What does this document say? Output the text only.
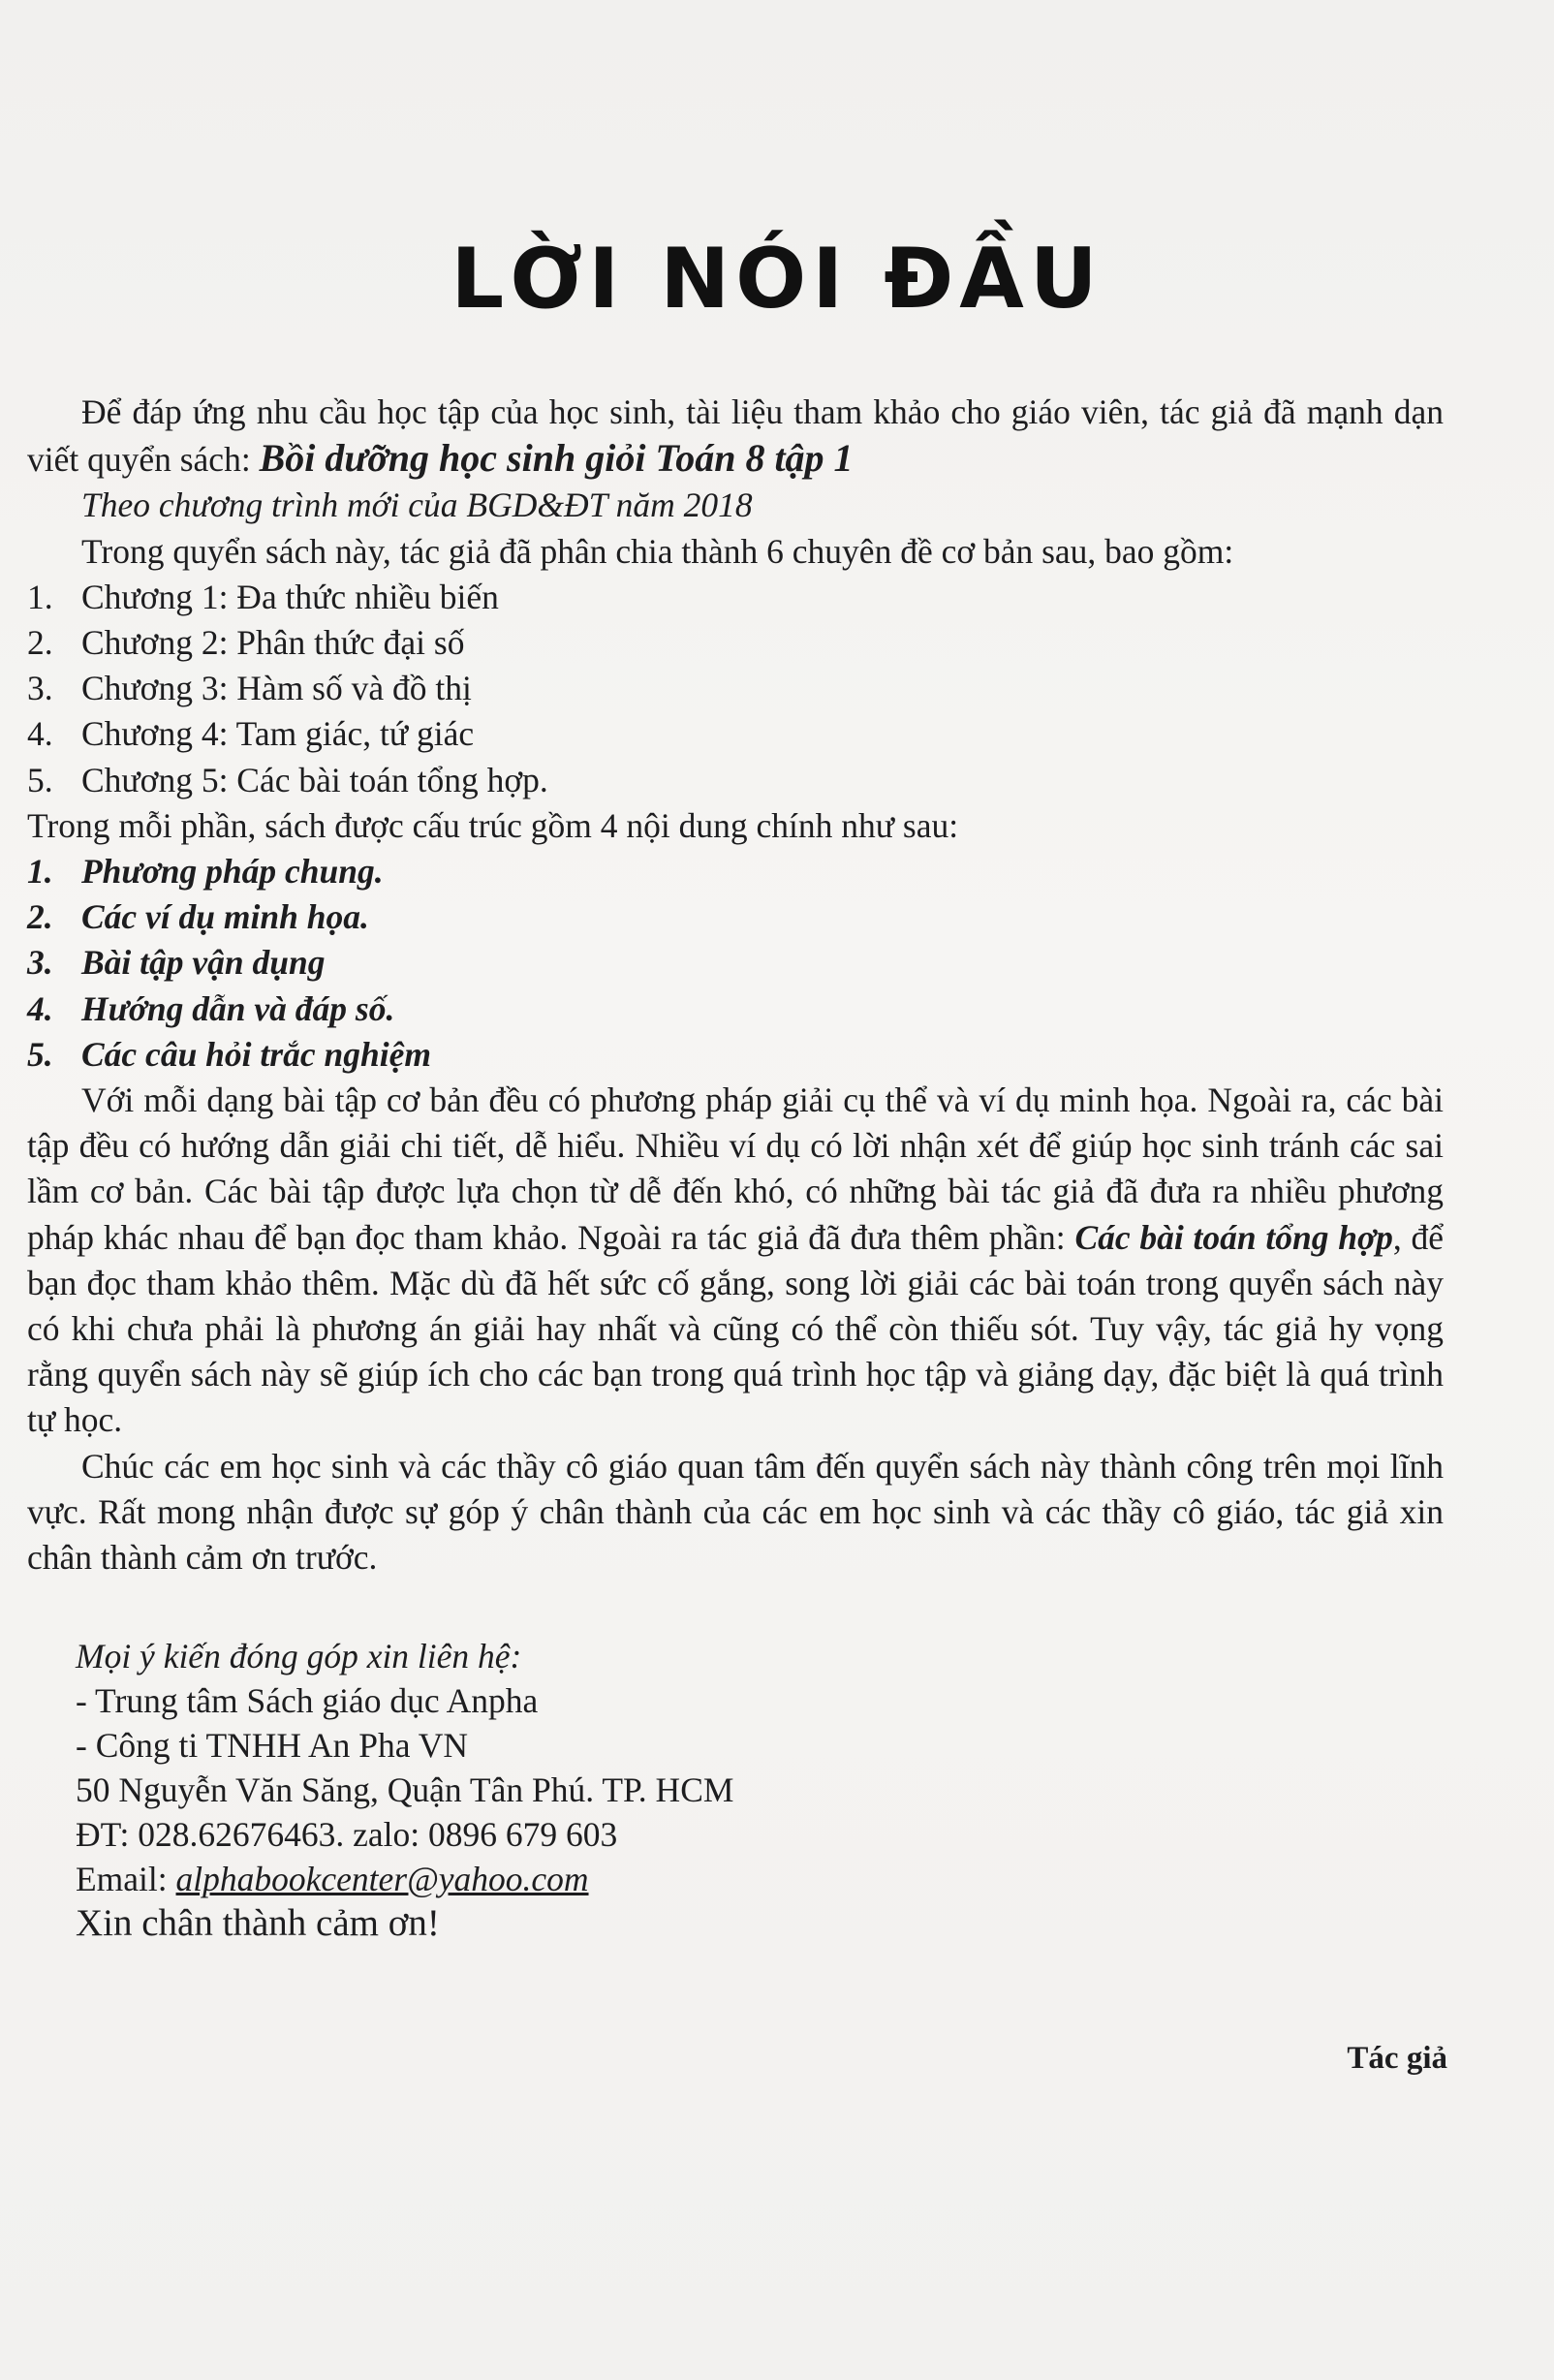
LỜI NÓI ĐẦU

Để đáp ứng nhu cầu học tập của học sinh, tài liệu tham khảo cho giáo viên, tác giả đã mạnh dạn viết quyển sách: Bồi dưỡng học sinh giỏi Toán 8 tập 1

Theo chương trình mới của BGD&ĐT năm 2018

Trong quyển sách này, tác giả đã phân chia thành 6 chuyên đề cơ bản sau, bao gồm:

1. Chương 1: Đa thức nhiều biến
2. Chương 2: Phân thức đại số
3. Chương 3: Hàm số và đồ thị
4. Chương 4: Tam giác, tứ giác
5. Chương 5: Các bài toán tổng hợp.

Trong mỗi phần, sách được cấu trúc gồm 4 nội dung chính như sau:

1. Phương pháp chung.
2. Các ví dụ minh họa.
3. Bài tập vận dụng
4. Hướng dẫn và đáp số.
5. Các câu hỏi trắc nghiệm

Với mỗi dạng bài tập cơ bản đều có phương pháp giải cụ thể và ví dụ minh họa. Ngoài ra, các bài tập đều có hướng dẫn giải chi tiết, dễ hiểu. Nhiều ví dụ có lời nhận xét để giúp học sinh tránh các sai lầm cơ bản. Các bài tập được lựa chọn từ dễ đến khó, có những bài tác giả đã đưa ra nhiều phương pháp khác nhau để bạn đọc tham khảo. Ngoài ra tác giả đã đưa thêm phần: Các bài toán tổng hợp, để bạn đọc tham khảo thêm. Mặc dù đã hết sức cố gắng, song lời giải các bài toán trong quyển sách này có khi chưa phải là phương án giải hay nhất và cũng có thể còn thiếu sót. Tuy vậy, tác giả hy vọng rằng quyển sách này sẽ giúp ích cho các bạn trong quá trình học tập và giảng dạy, đặc biệt là quá trình tự học.

Chúc các em học sinh và các thầy cô giáo quan tâm đến quyển sách này thành công trên mọi lĩnh vực. Rất mong nhận được sự góp ý chân thành của các em học sinh và các thầy cô giáo, tác giả xin chân thành cảm ơn trước.

Mọi ý kiến đóng góp xin liên hệ:

- Trung tâm Sách giáo dục Anpha

- Công ti TNHH An Pha VN

50 Nguyễn Văn Săng, Quận Tân Phú. TP. HCM

ĐT: 028.62676463. zalo: 0896 679 603

Email: alphabookcenter@yahoo.com

Xin chân thành cảm ơn!

Tác giả
